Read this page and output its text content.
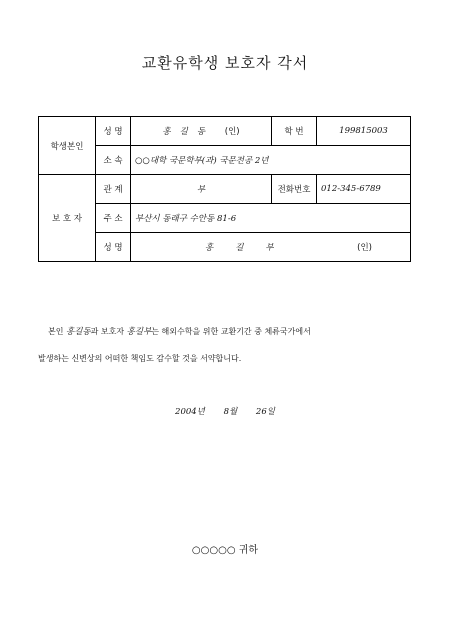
교환유학생 보호자 각서
학생본인	성 명	홍길동 (인)	학 번	199815003
	소 속	○○대학 국문학부(과) 국문전공 2년		
보 호 자	관 계	부	전화번호	012-345-6789
	주 소	부산시 동래구 수안동 81-6		
	성 명	홍길부 (인)		
본인 홍길동과 보호자 홍길부는 해외수학을 위한 교환기간 중 체류국가에서
발생하는 신변상의 어떠한 책임도 감수할 것을 서약합니다.
2004년 8월 26일
○○○○○ 귀하
